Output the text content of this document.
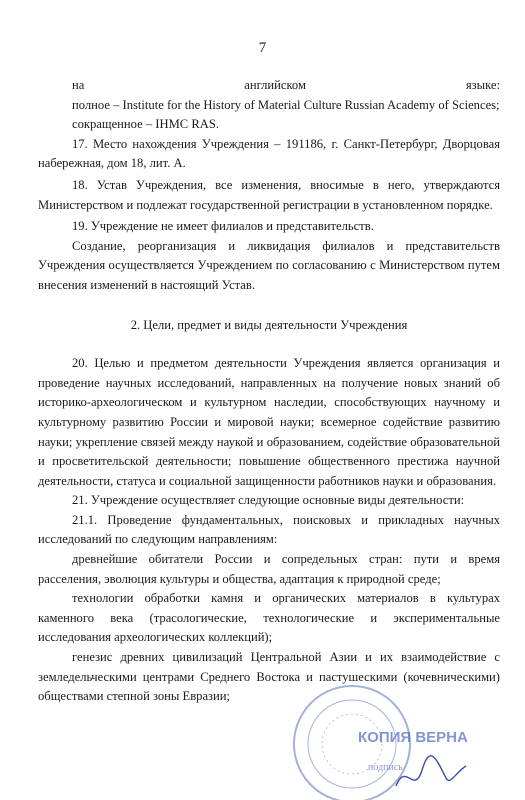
7

на английском языке:

полное – Institute for the History of Material Culture Russian Academy of Sciences;

сокращенное – IHMC RAS.

17. Место нахождения Учреждения – 191186, г. Санкт-Петербург, Дворцовая набережная, дом 18, лит. А.

18. Устав Учреждения, все изменения, вносимые в него, утверждаются Министерством и подлежат государственной регистрации в установленном порядке.

19. Учреждение не имеет филиалов и представительств.

Создание, реорганизация и ликвидация филиалов и представительств Учреждения осуществляется Учреждением по согласованию с Министерством путем внесения изменений в настоящий Устав.

2. Цели, предмет и виды деятельности Учреждения

20. Целью и предметом деятельности Учреждения является организация и проведение научных исследований, направленных на получение новых знаний об историко-археологическом и культурном наследии, способствующих научному и культурному развитию России и мировой науки; всемерное содействие развитию науки; укрепление связей между наукой и образованием, содействие образовательной и просветительской деятельности; повышение общественного престижа научной деятельности, статуса и социальной защищенности работников науки и образования.

21. Учреждение осуществляет следующие основные виды деятельности:

21.1. Проведение фундаментальных, поисковых и прикладных научных исследований по следующим направлениям:

древнейшие обитатели России и сопредельных стран: пути и время расселения, эволюция культуры и общества, адаптация к природной среде;

технологии обработки камня и органических материалов в культурах каменного века (трасологические, технологические и экспериментальные исследования археологических коллекций);

генезис древних цивилизаций Центральной Азии и их взаимодействие с земледельческими центрами Среднего Востока и пастушескими (кочевническими) обществами степной зоны Евразии;

КОПИЯ ВЕРНА
подпись
